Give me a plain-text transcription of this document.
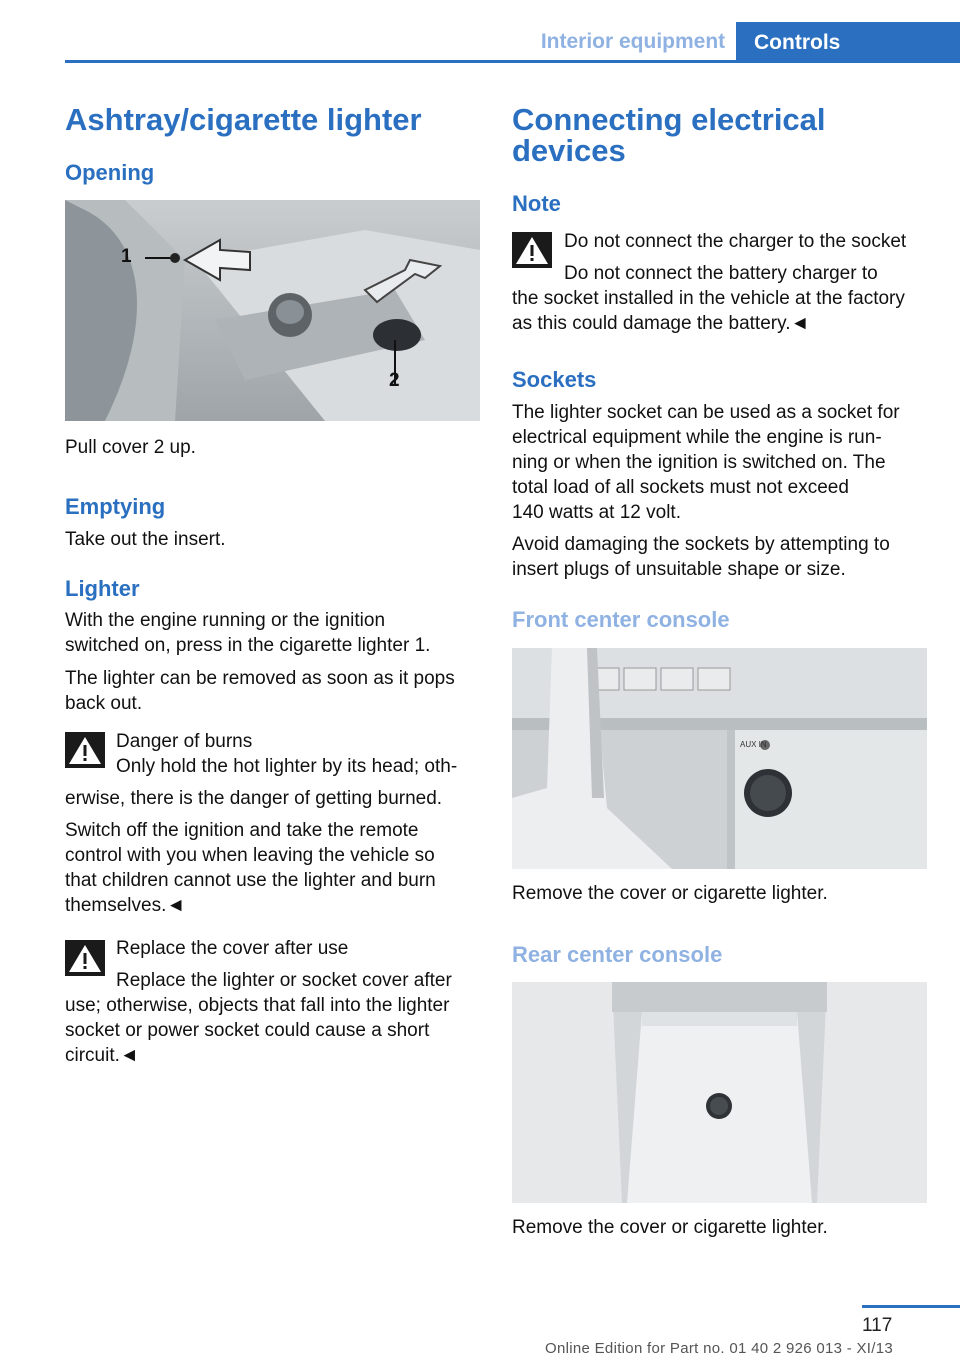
Interior equipment	Controls
Ashtray/cigarette lighter
Opening
1
2
Pull cover 2 up.
Emptying
Take out the insert.
Lighter
With the engine running or the ignition
switched on, press in the cigarette lighter 1.
The lighter can be removed as soon as it pops
back out.
Danger of burns
Only hold the hot lighter by its head; oth‐
erwise, there is the danger of getting burned.
Switch off the ignition and take the remote
control with you when leaving the vehicle so
that children cannot use the lighter and burn
themselves.◄
Replace the cover after use
Replace the lighter or socket cover after
use; otherwise, objects that fall into the lighter
socket or power socket could cause a short
circuit.◄
Connecting electrical
devices
Note
Do not connect the charger to the socket
Do not connect the battery charger to
the socket installed in the vehicle at the factory
as this could damage the battery.◄
Sockets
The lighter socket can be used as a socket for
electrical equipment while the engine is run‐
ning or when the ignition is switched on. The
total load of all sockets must not exceed
140 watts at 12 volt.
Avoid damaging the sockets by attempting to
insert plugs of unsuitable shape or size.
Front center console
AUX IN
Remove the cover or cigarette lighter.
Rear center console
Remove the cover or cigarette lighter.
117
Online Edition for Part no. 01 40 2 926 013 - XI/13
